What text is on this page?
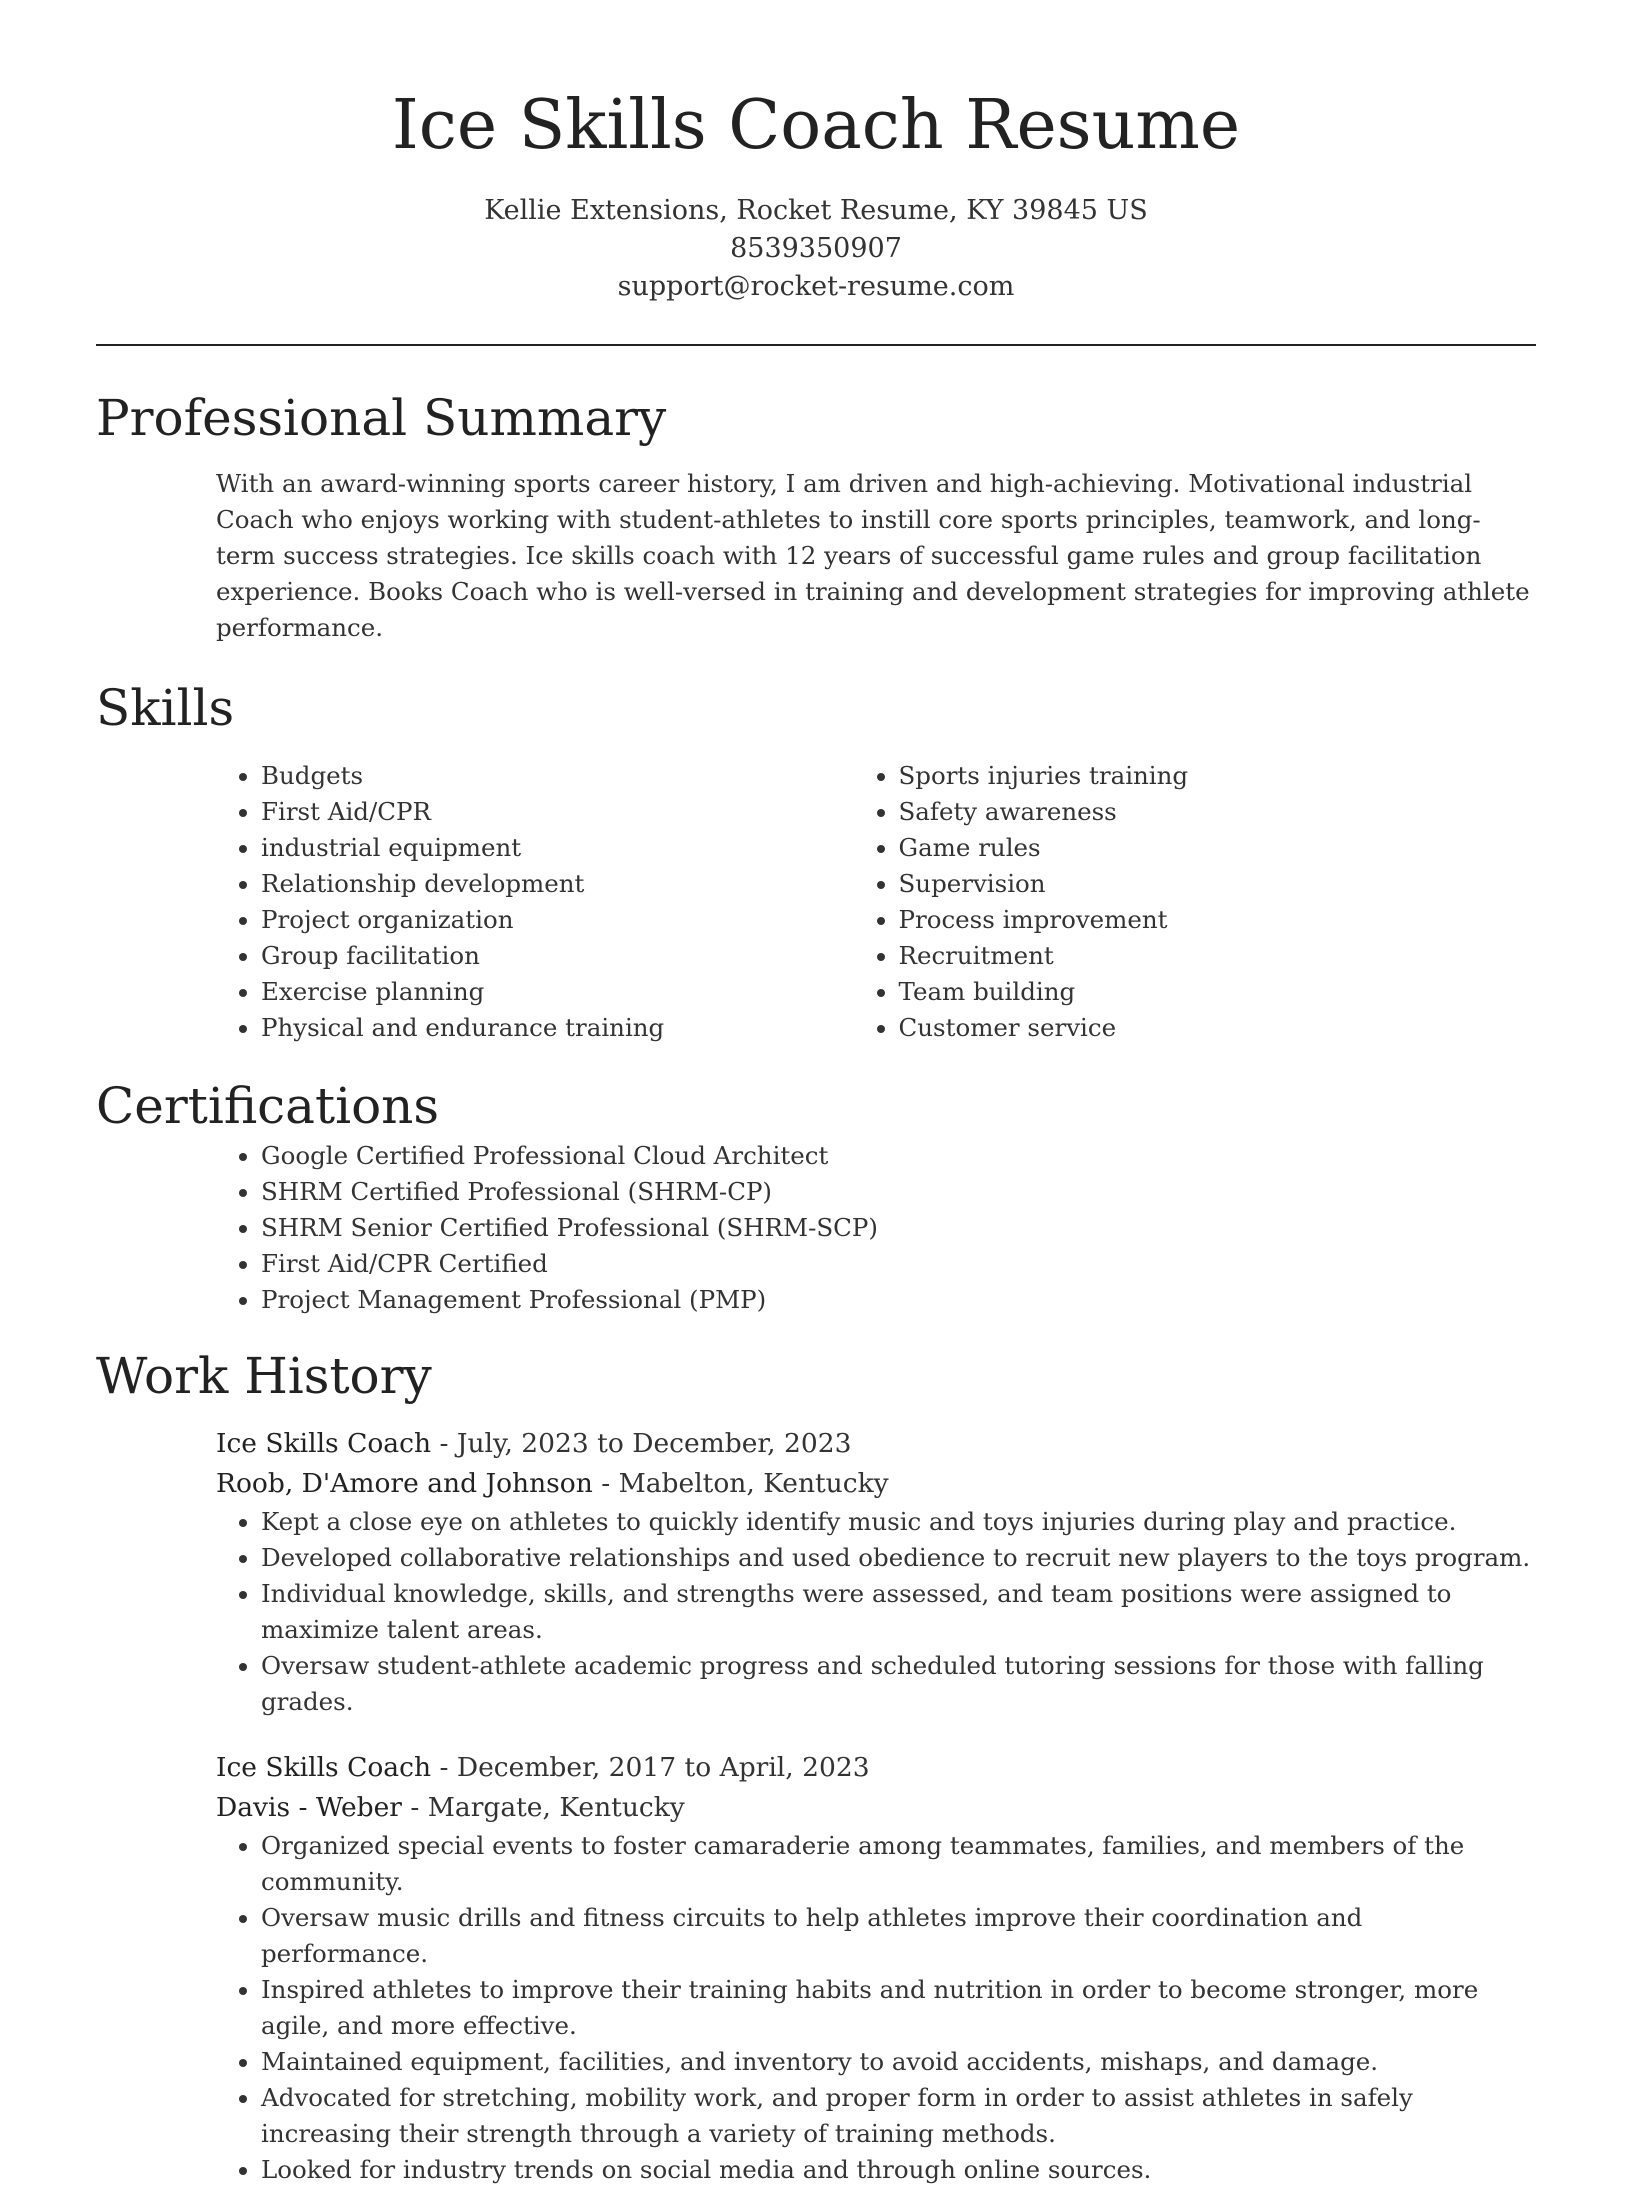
Ice Skills Coach Resume
Kellie Extensions, Rocket Resume, KY 39845 US
8539350907
support@rocket-resume.com
Professional Summary

With an award-winning sports career history, I am driven and high-achieving. Motivational industrial Coach who enjoys working with student-athletes to instill core sports principles, teamwork, and long-term success strategies. Ice skills coach with 12 years of successful game rules and group facilitation experience. Books Coach who is well-versed in training and development strategies for improving athlete performance.

Skills
• Budgets
• First Aid/CPR
• industrial equipment
• Relationship development
• Project organization
• Group facilitation
• Exercise planning
• Physical and endurance training
• Sports injuries training
• Safety awareness
• Game rules
• Supervision
• Process improvement
• Recruitment
• Team building
• Customer service
Certifications
• Google Certified Professional Cloud Architect
• SHRM Certified Professional (SHRM-CP)
• SHRM Senior Certified Professional (SHRM-SCP)
• First Aid/CPR Certified
• Project Management Professional (PMP)
Work History
Ice Skills Coach - July, 2023 to December, 2023
Roob, D'Amore and Johnson - Mabelton, Kentucky
• Kept a close eye on athletes to quickly identify music and toys injuries during play and practice.
• Developed collaborative relationships and used obedience to recruit new players to the toys program.
• Individual knowledge, skills, and strengths were assessed, and team positions were assigned to maximize talent areas.
• Oversaw student-athlete academic progress and scheduled tutoring sessions for those with falling grades.
Ice Skills Coach - December, 2017 to April, 2023
Davis - Weber - Margate, Kentucky
• Organized special events to foster camaraderie among teammates, families, and members of the community.
• Oversaw music drills and fitness circuits to help athletes improve their coordination and performance.
• Inspired athletes to improve their training habits and nutrition in order to become stronger, more agile, and more effective.
• Maintained equipment, facilities, and inventory to avoid accidents, mishaps, and damage.
• Advocated for stretching, mobility work, and proper form in order to assist athletes in safely increasing their strength through a variety of training methods.
• Looked for industry trends on social media and through online sources.
